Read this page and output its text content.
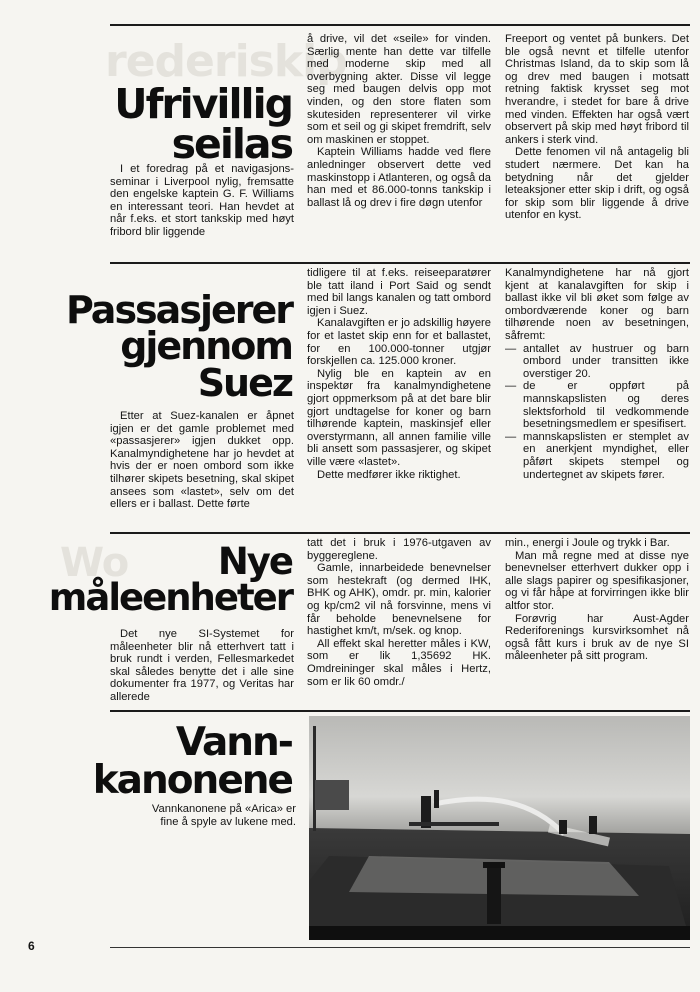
rederiskip
Wo
Ufrivillig
seilas

I et foredrag på et navigasjons-seminar i Liverpool nylig, fremsatte den engelske kaptein G. F. Williams en interessant teori. Han hevdet at når f.eks. et stort tankskip med høyt fribord blir liggende

å drive, vil det «seile» for vinden. Særlig mente han dette var tilfelle med moderne skip med all overbygning akter. Disse vil legge seg med baugen delvis opp mot vinden, og den store flaten som skutesiden representerer vil virke som et seil og gi skipet fremdrift, selv om maskinen er stoppet.

Kaptein Williams hadde ved flere anledninger observert dette ved maskinstopp i Atlanteren, og også da han med et 86.000-tonns tankskip i ballast lå og drev i fire døgn utenfor

Freeport og ventet på bunkers. Det ble også nevnt et tilfelle utenfor Christmas Island, da to skip som lå og drev med baugen i motsatt retning faktisk krysset seg mot hverandre, i stedet for bare å drive med vinden. Effekten har også vært observert på skip med høyt fribord til ankers i sterk vind.

Dette fenomen vil nå antagelig bli studert nærmere. Det kan ha betydning når det gjelder leteaksjoner etter skip i drift, og også for skip som blir liggende å drive utenfor en kyst.

Passasjerer
gjennom
Suez

Etter at Suez-kanalen er åpnet igjen er det gamle problemet med «passasjerer» igjen dukket opp. Kanalmyndighetene har jo hevdet at hvis der er noen ombord som ikke tilhører skipets besetning, skal skipet ansees som «lastet», selv om det ellers er i ballast. Dette førte

tidligere til at f.eks. reiseeparatører ble tatt iland i Port Said og sendt med bil langs kanalen og tatt ombord igjen i Suez.

Kanalavgiften er jo adskillig høyere for et lastet skip enn for et ballastet, for en 100.000-tonner utgjør forskjellen ca. 125.000 kroner.

Nylig ble en kaptein av en inspektør fra kanalmyndighetene gjort oppmerksom på at det bare blir gjort undtagelse for koner og barn tilhørende kaptein, maskinsjef eller overstyrmann, all annen familie ville bli ansett som passasjerer, og skipet ville være «lastet».

Dette medfører ikke riktighet.

Kanalmyndighetene har nå gjort kjent at kanalavgiften for skip i ballast ikke vil bli øket som følge av ombordværende koner og barn tilhørende noen av besetningen, såfremt:

— antallet av hustruer og barn ombord under transitten ikke overstiger 20.
— de er oppført på mannskapslisten og deres slektsforhold til vedkommende besetningsmedlem er spesifisert.
— mannskapslisten er stemplet av en anerkjent myndighet, eller påført skipets stempel og undertegnet av skipets fører.
Nye
måleenheter

Det nye SI-Systemet for måleenheter blir nå etterhvert tatt i bruk rundt i verden, Fellesmarkedet skal således benytte det i alle sine dokumenter fra 1977, og Veritas har allerede

tatt det i bruk i 1976-utgaven av byggereglene.

Gamle, innarbeidede benevnelser som hestekraft (og dermed IHK, BHK og AHK), omdr. pr. min, kalorier og kp/cm2 vil nå forsvinne, mens vi får beholde benevnelsene for hastighet km/t, m/sek. og knop.

All effekt skal heretter måles i KW, som er lik 1,35692 HK. Omdreininger skal måles i Hertz, som er lik 60 omdr./

min., energi i Joule og trykk i Bar.

Man må regne med at disse nye benevnelser etterhvert dukker opp i alle slags papirer og spesifikasjoner, og vi får håpe at forvirringen ikke blir altfor stor.

Forøvrig har Aust-Agder Rederiforenings kursvirksomhet nå også fått kurs i bruk av de nye SI måleenheter på sitt program.

Vann-
kanonene
Vannkanonene på «Arica» er fine å spyle av lukene med.
6
